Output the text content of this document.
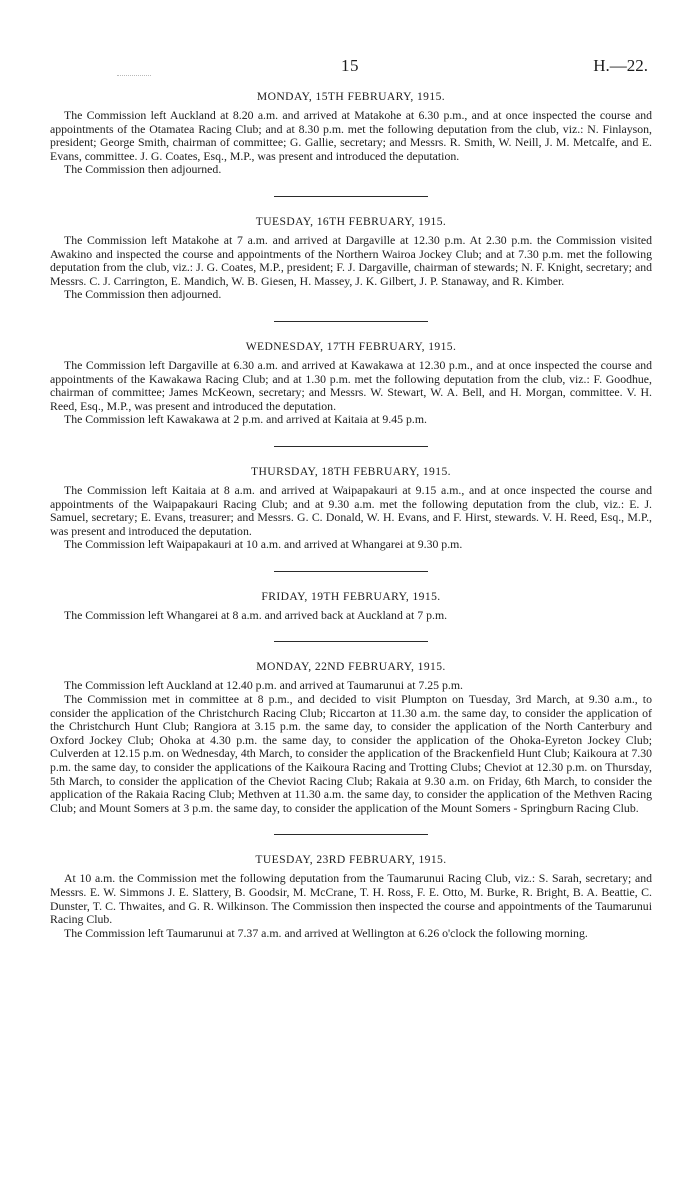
15	H.—22.
MONDAY, 15TH FEBRUARY, 1915.

The Commission left Auckland at 8.20 a.m. and arrived at Matakohe at 6.30 p.m., and at once inspected the course and appointments of the Otamatea Racing Club; and at 8.30 p.m. met the following deputation from the club, viz.: N. Finlayson, president; George Smith, chairman of committee; G. Gallie, secretary; and Messrs. R. Smith, W. Neill, J. M. Metcalfe, and E. Evans, committee. J. G. Coates, Esq., M.P., was present and introduced the deputation.

The Commission then adjourned.

TUESDAY, 16TH FEBRUARY, 1915.

The Commission left Matakohe at 7 a.m. and arrived at Dargaville at 12.30 p.m. At 2.30 p.m. the Commission visited Awakino and inspected the course and appointments of the Northern Wairoa Jockey Club; and at 7.30 p.m. met the following deputation from the club, viz.: J. G. Coates, M.P., president; F. J. Dargaville, chairman of stewards; N. F. Knight, secretary; and Messrs. C. J. Carrington, E. Mandich, W. B. Giesen, H. Massey, J. K. Gilbert, J. P. Stanaway, and R. Kimber.

The Commission then adjourned.

WEDNESDAY, 17TH FEBRUARY, 1915.

The Commission left Dargaville at 6.30 a.m. and arrived at Kawakawa at 12.30 p.m., and at once inspected the course and appointments of the Kawakawa Racing Club; and at 1.30 p.m. met the following deputation from the club, viz.: F. Goodhue, chairman of committee; James McKeown, secretary; and Messrs. W. Stewart, W. A. Bell, and H. Morgan, committee. V. H. Reed, Esq., M.P., was present and introduced the deputation.

The Commission left Kawakawa at 2 p.m. and arrived at Kaitaia at 9.45 p.m.

THURSDAY, 18TH FEBRUARY, 1915.

The Commission left Kaitaia at 8 a.m. and arrived at Waipapakauri at 9.15 a.m., and at once inspected the course and appointments of the Waipapakauri Racing Club; and at 9.30 a.m. met the following deputation from the club, viz.: E. J. Samuel, secretary; E. Evans, treasurer; and Messrs. G. C. Donald, W. H. Evans, and F. Hirst, stewards. V. H. Reed, Esq., M.P., was present and introduced the deputation.

The Commission left Waipapakauri at 10 a.m. and arrived at Whangarei at 9.30 p.m.

FRIDAY, 19TH FEBRUARY, 1915.

The Commission left Whangarei at 8 a.m. and arrived back at Auckland at 7 p.m.

MONDAY, 22ND FEBRUARY, 1915.

The Commission left Auckland at 12.40 p.m. and arrived at Taumarunui at 7.25 p.m.

The Commission met in committee at 8 p.m., and decided to visit Plumpton on Tuesday, 3rd March, at 9.30 a.m., to consider the application of the Christchurch Racing Club; Riccarton at 11.30 a.m. the same day, to consider the application of the Christchurch Hunt Club; Rangiora at 3.15 p.m. the same day, to consider the application of the North Canterbury and Oxford Jockey Club; Ohoka at 4.30 p.m. the same day, to consider the application of the Ohoka-Eyreton Jockey Club; Culverden at 12.15 p.m. on Wednesday, 4th March, to consider the application of the Brackenfield Hunt Club; Kaikoura at 7.30 p.m. the same day, to consider the applications of the Kaikoura Racing and Trotting Clubs; Cheviot at 12.30 p.m. on Thursday, 5th March, to consider the application of the Cheviot Racing Club; Rakaia at 9.30 a.m. on Friday, 6th March, to consider the application of the Rakaia Racing Club; Methven at 11.30 a.m. the same day, to consider the application of the Methven Racing Club; and Mount Somers at 3 p.m. the same day, to consider the application of the Mount Somers - Springburn Racing Club.

TUESDAY, 23RD FEBRUARY, 1915.

At 10 a.m. the Commission met the following deputation from the Taumarunui Racing Club, viz.: S. Sarah, secretary; and Messrs. E. W. Simmons J. E. Slattery, B. Goodsir, M. McCrane, T. H. Ross, F. E. Otto, M. Burke, R. Bright, B. A. Beattie, C. Dunster, T. C. Thwaites, and G. R. Wilkinson. The Commission then inspected the course and appointments of the Taumarunui Racing Club.

The Commission left Taumarunui at 7.37 a.m. and arrived at Wellington at 6.26 o'clock the following morning.
